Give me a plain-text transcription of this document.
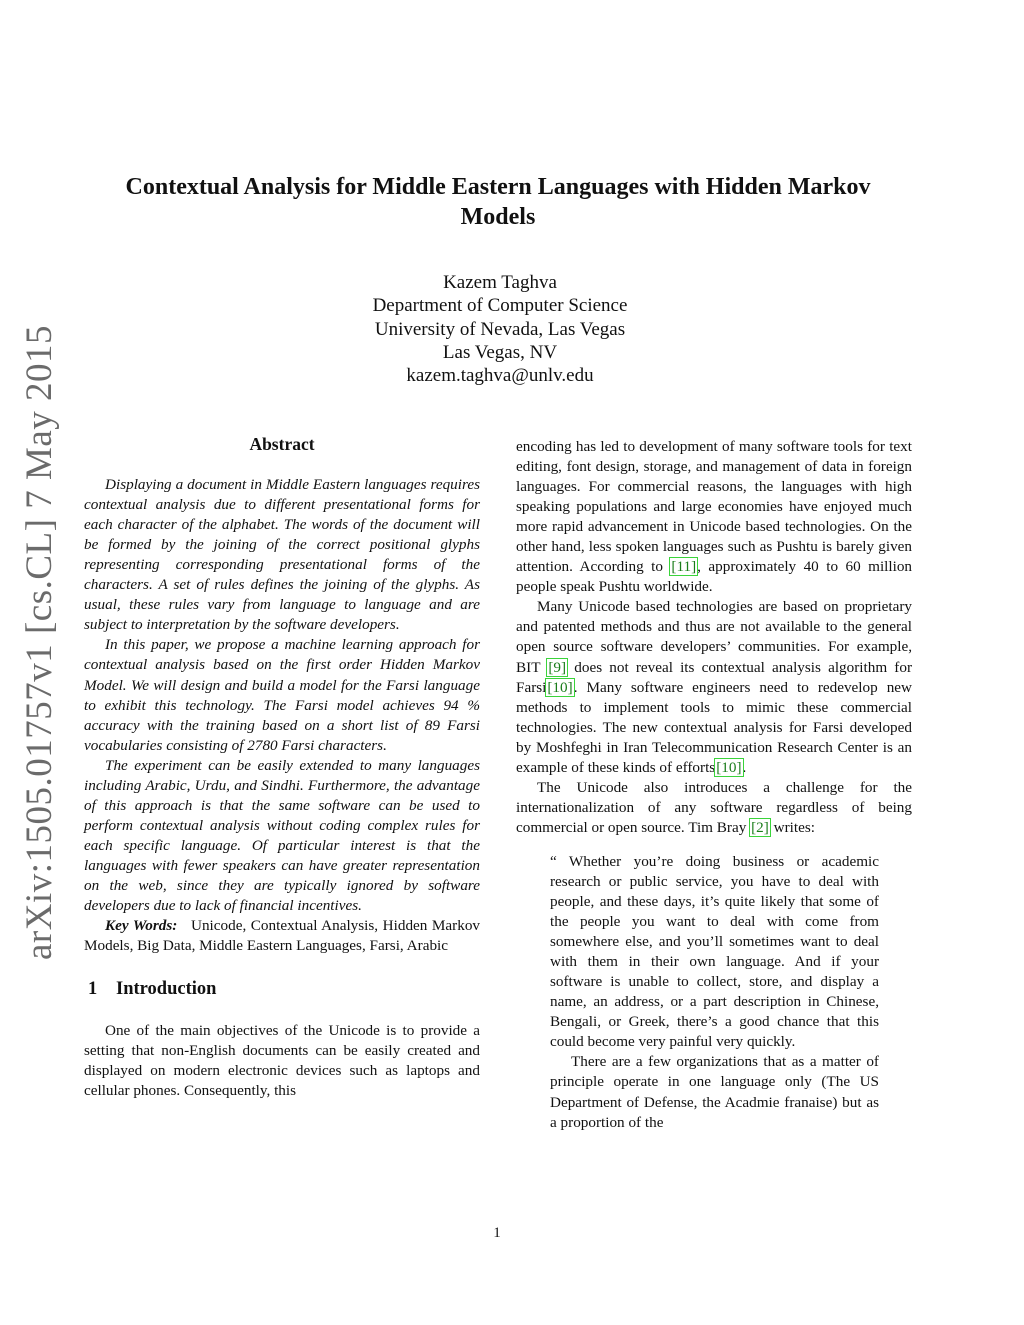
arXiv:1505.01757v1 [cs.CL] 7 May 2015
Contextual Analysis for Middle Eastern Languages with Hidden Markov Models
Kazem Taghva
Department of Computer Science
University of Nevada, Las Vegas
Las Vegas, NV
kazem.taghva@unlv.edu
Abstract

Displaying a document in Middle Eastern languages requires contextual analysis due to different presentational forms for each character of the alphabet. The words of the document will be formed by the joining of the correct positional glyphs representing corresponding presentational forms of the characters. A set of rules defines the joining of the glyphs. As usual, these rules vary from language to language and are subject to interpretation by the software developers.

In this paper, we propose a machine learning approach for contextual analysis based on the first order Hidden Markov Model. We will design and build a model for the Farsi language to exhibit this technology. The Farsi model achieves 94 % accuracy with the training based on a short list of 89 Farsi vocabularies consisting of 2780 Farsi characters.

The experiment can be easily extended to many languages including Arabic, Urdu, and Sindhi. Furthermore, the advantage of this approach is that the same software can be used to perform contextual analysis without coding complex rules for each specific language. Of particular interest is that the languages with fewer speakers can have greater representation on the web, since they are typically ignored by software developers due to lack of financial incentives.

Key Words: Unicode, Contextual Analysis, Hidden Markov Models, Big Data, Middle Eastern Languages, Farsi, Arabic

1 Introduction

One of the main objectives of the Unicode is to provide a setting that non-English documents can be easily created and displayed on modern electronic devices such as laptops and cellular phones. Consequently, this

encoding has led to development of many software tools for text editing, font design, storage, and management of data in foreign languages. For commercial reasons, the languages with high speaking populations and large economies have enjoyed much more rapid advancement in Unicode based technologies. On the other hand, less spoken languages such as Pushtu is barely given attention. According to [11], approximately 40 to 60 million people speak Pushtu worldwide.

Many Unicode based technologies are based on proprietary and patented methods and thus are not available to the general open source software developers’ communities. For example, BIT [9] does not reveal its contextual analysis algorithm for Farsi[10]. Many software engineers need to redevelop new methods to implement tools to mimic these commercial technologies. The new contextual analysis for Farsi developed by Moshfeghi in Iran Telecommunication Research Center is an example of these kinds of efforts[10].

The Unicode also introduces a challenge for the internationalization of any software regardless of being commercial or open source. Tim Bray [2] writes:

“ Whether you’re doing business or academic research or public service, you have to deal with people, and these days, it’s quite likely that some of the people you want to deal with come from somewhere else, and you’ll sometimes want to deal with them in their own language. And if your software is unable to collect, store, and display a name, an address, or a part description in Chinese, Bengali, or Greek, there’s a good chance that this could become very painful very quickly.

There are a few organizations that as a matter of principle operate in one language only (The US Department of Defense, the Acadmie franaise) but as a proportion of the

1
